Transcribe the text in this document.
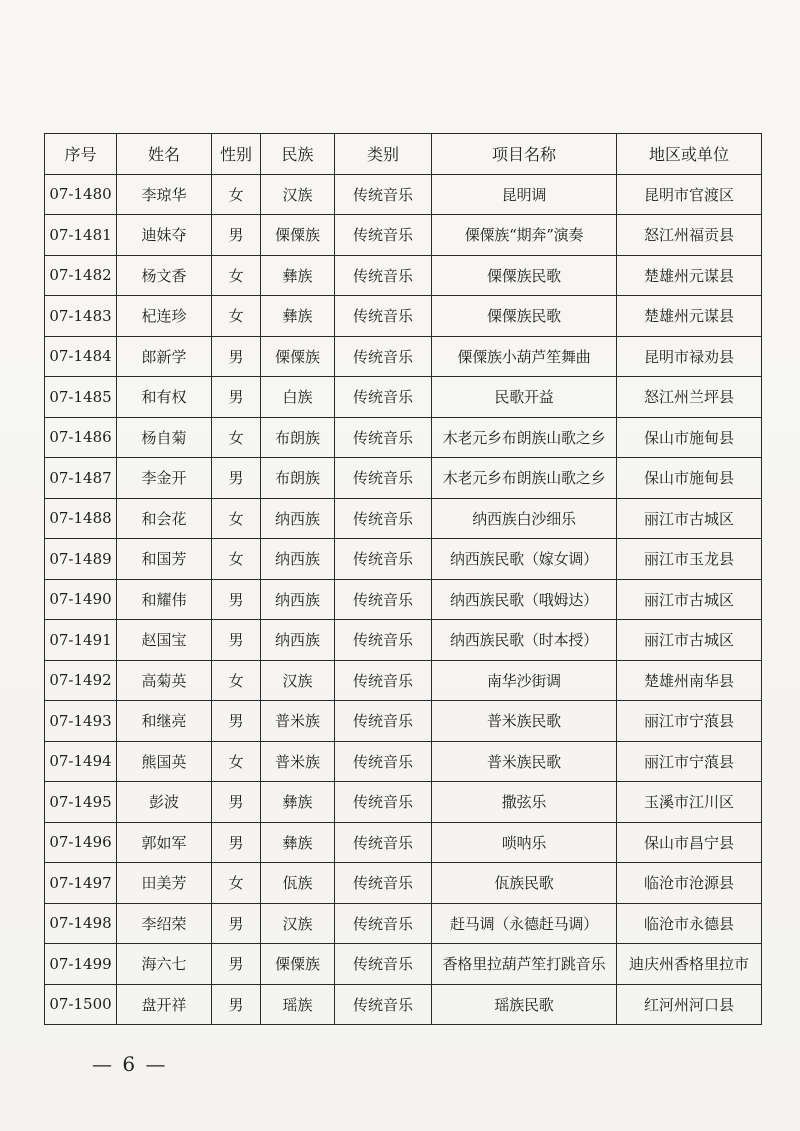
序号	姓名	性别	民族	类别	项目名称	地区或单位
07-1480	李琼华	女	汉族	传统音乐	昆明调	昆明市官渡区
07-1481	迪妹夺	男	傈僳族	传统音乐	傈僳族“期奔”演奏	怒江州福贡县
07-1482	杨文香	女	彝族	传统音乐	傈僳族民歌	楚雄州元谋县
07-1483	杞连珍	女	彝族	传统音乐	傈僳族民歌	楚雄州元谋县
07-1484	郎新学	男	傈僳族	传统音乐	傈僳族小葫芦笙舞曲	昆明市禄劝县
07-1485	和有权	男	白族	传统音乐	民歌开益	怒江州兰坪县
07-1486	杨自菊	女	布朗族	传统音乐	木老元乡布朗族山歌之乡	保山市施甸县
07-1487	李金开	男	布朗族	传统音乐	木老元乡布朗族山歌之乡	保山市施甸县
07-1488	和会花	女	纳西族	传统音乐	纳西族白沙细乐	丽江市古城区
07-1489	和国芳	女	纳西族	传统音乐	纳西族民歌（嫁女调）	丽江市玉龙县
07-1490	和耀伟	男	纳西族	传统音乐	纳西族民歌（哦姆达）	丽江市古城区
07-1491	赵国宝	男	纳西族	传统音乐	纳西族民歌（时本授）	丽江市古城区
07-1492	高菊英	女	汉族	传统音乐	南华沙街调	楚雄州南华县
07-1493	和继亮	男	普米族	传统音乐	普米族民歌	丽江市宁蒗县
07-1494	熊国英	女	普米族	传统音乐	普米族民歌	丽江市宁蒗县
07-1495	彭波	男	彝族	传统音乐	撒弦乐	玉溪市江川区
07-1496	郭如军	男	彝族	传统音乐	唢呐乐	保山市昌宁县
07-1497	田美芳	女	佤族	传统音乐	佤族民歌	临沧市沧源县
07-1498	李绍荣	男	汉族	传统音乐	赶马调（永德赶马调）	临沧市永德县
07-1499	海六七	男	傈僳族	传统音乐	香格里拉葫芦笙打跳音乐	迪庆州香格里拉市
07-1500	盘开祥	男	瑶族	传统音乐	瑶族民歌	红河州河口县
— 6 —
